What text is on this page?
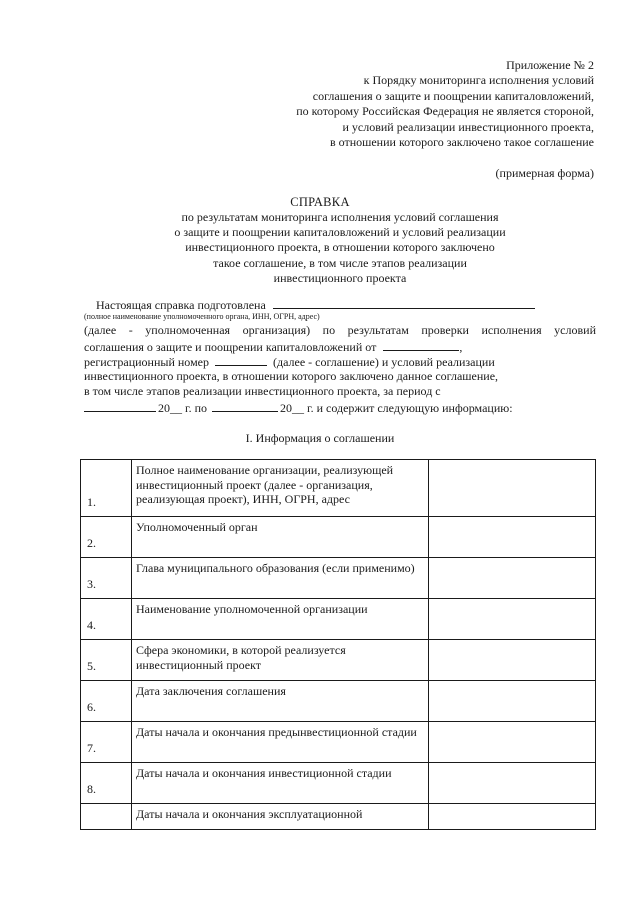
Приложение № 2
к Порядку мониторинга исполнения условий
соглашения о защите и поощрении капиталовложений,
по которому Российская Федерация не является стороной,
и условий реализации инвестиционного проекта,
в отношении которого заключено такое соглашение
(примерная форма)
СПРАВКА
по результатам мониторинга исполнения условий соглашения
о защите и поощрении капиталовложений и условий реализации
инвестиционного проекта, в отношении которого заключено
такое соглашение, в том числе этапов реализации
инвестиционного проекта
Настоящая справка подготовлена
(полное наименование уполномоченного органа, ИНН, ОГРН, адрес)
(далее - уполномоченная организация) по результатам проверки исполнения условий
соглашения о защите и поощрении капиталовложений от	,
регистрационный номер	(далее - соглашение) и условий реализации
инвестиционного проекта, в отношении которого заключено данное соглашение,
в том числе этапов реализации инвестиционного проекта, за период с
20__ г. по	20__ г. и содержит следующую информацию:
I. Информация о соглашении
1.	Полное наименование организации, реализующей инвестиционный проект (далее - организация, реализующая проект), ИНН, ОГРН, адрес	
2.	Уполномоченный орган	
3.	Глава муниципального образования (если применимо)	
4.	Наименование уполномоченной организации	
5.	Сфера экономики, в которой реализуется инвестиционный проект	
6.	Дата заключения соглашения	
7.	Даты начала и окончания предынвестиционной стадии	
8.	Даты начала и окончания инвестиционной стадии	
	Даты начала и окончания эксплуатационной	
